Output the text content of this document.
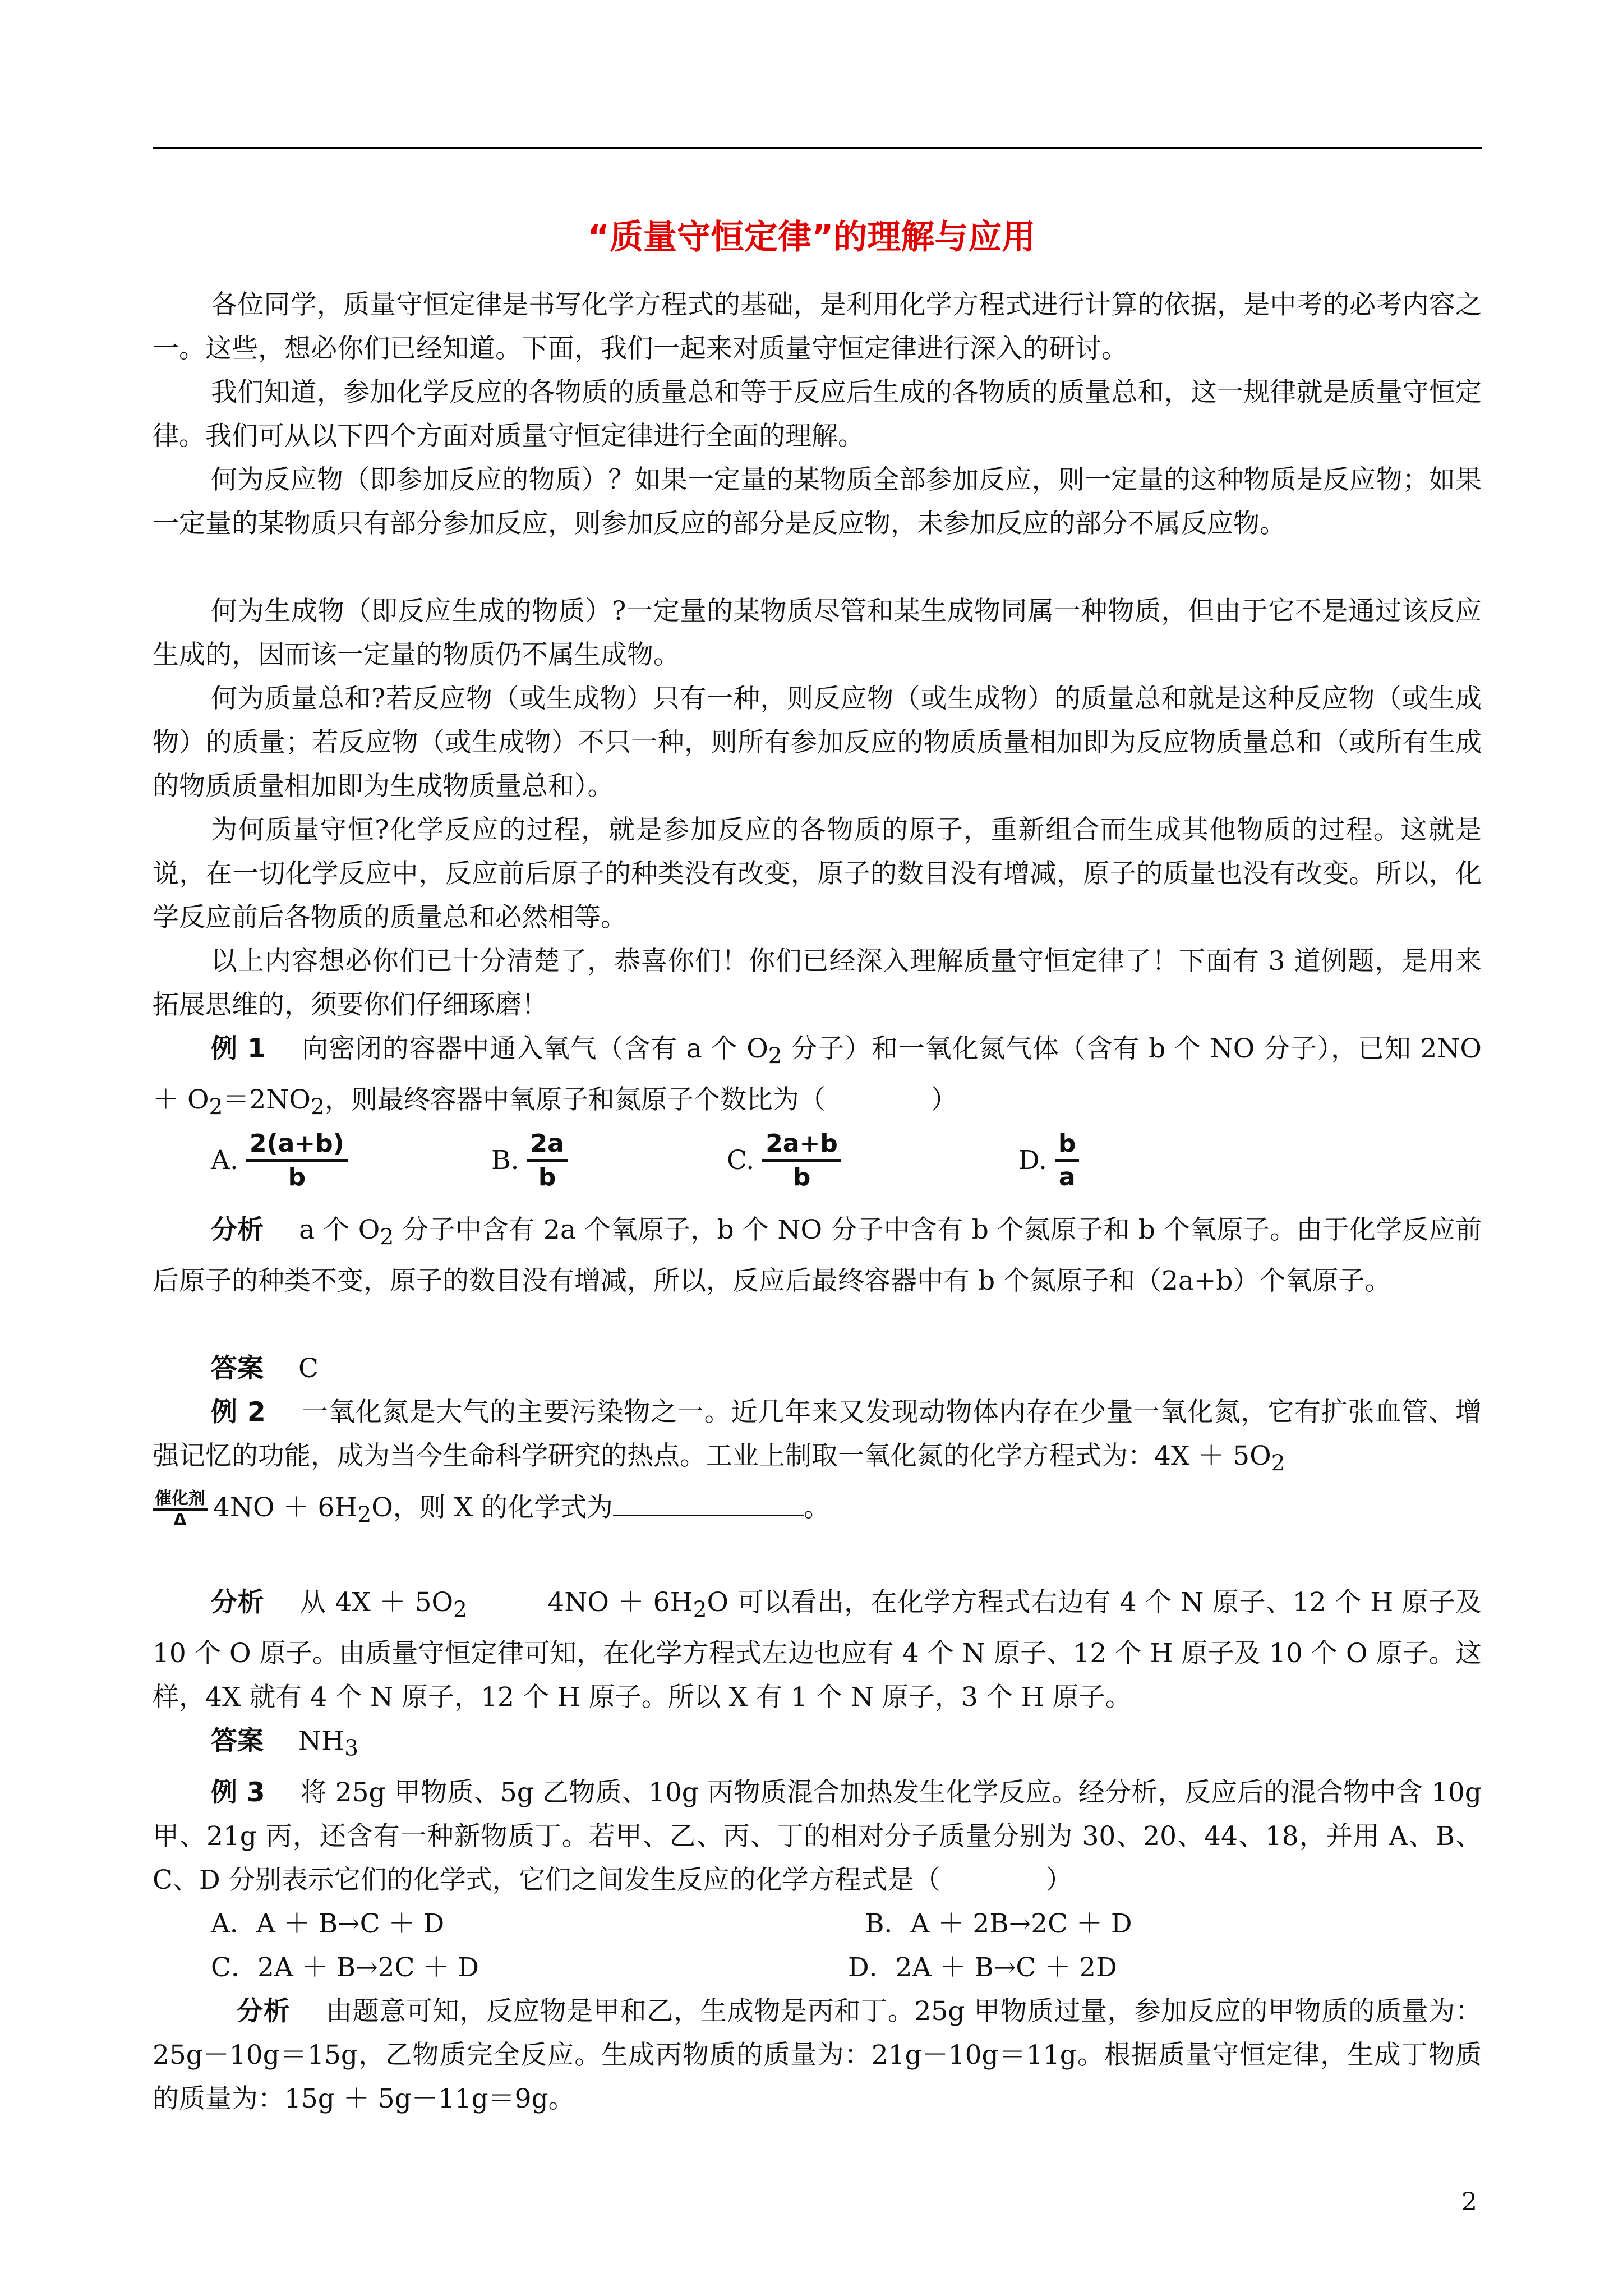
“质量守恒定律”的理解与应用

各位同学，质量守恒定律是书写化学方程式的基础，是利用化学方程式进行计算的依据，是中考的必考内容之一。这些，想必你们已经知道。下面，我们一起来对质量守恒定律进行深入的研讨。

我们知道，参加化学反应的各物质的质量总和等于反应后生成的各物质的质量总和，这一规律就是质量守恒定律。我们可从以下四个方面对质量守恒定律进行全面的理解。

何为反应物（即参加反应的物质）？如果一定量的某物质全部参加反应，则一定量的这种物质是反应物；如果一定量的某物质只有部分参加反应，则参加反应的部分是反应物，未参加反应的部分不属反应物。

何为生成物（即反应生成的物质）?一定量的某物质尽管和某生成物同属一种物质，但由于它不是通过该反应生成的，因而该一定量的物质仍不属生成物。

何为质量总和?若反应物（或生成物）只有一种，则反应物（或生成物）的质量总和就是这种反应物（或生成物）的质量；若反应物（或生成物）不只一种，则所有参加反应的物质质量相加即为反应物质量总和（或所有生成的物质质量相加即为生成物质量总和）。

为何质量守恒?化学反应的过程，就是参加反应的各物质的原子，重新组合而生成其他物质的过程。这就是说，在一切化学反应中，反应前后原子的种类没有改变，原子的数目没有增减，原子的质量也没有改变。所以，化学反应前后各物质的质量总和必然相等。

以上内容想必你们已十分清楚了，恭喜你们！你们已经深入理解质量守恒定律了！下面有 3 道例题，是用来拓展思维的，须要你们仔细琢磨！

例 1　 向密闭的容器中通入氧气（含有 a 个 $O_2$ 分子）和一氧化氮气体（含有 b 个 NO 分子），已知 $2NO + O_2=2NO_2$，则最终容器中氧原子和氮原子个数比为（　　　　）

A. $\frac{2(a+b)}{b}$	B. $\frac{2a}{b}$	C. $\frac{2a+b}{b}$	D. $\frac{b}{a}$

分析　 a 个 $O_2$ 分子中含有 2a 个氧原子，b 个 NO 分子中含有 b 个氮原子和 b 个氧原子。由于化学反应前后原子的种类不变，原子的数目没有增减，所以，反应后最终容器中有 b 个氮原子和（2a+b）个氧原子。

答案　 C

例 2　 一氧化氮是大气的主要污染物之一。近几年来又发现动物体内存在少量一氧化氮，它有扩张血管、增强记忆的功能，成为当今生命科学研究的热点。工业上制取一氧化氮的化学方程式为：$4X + 5O_2$

催化剂
Δ $4NO + 6H_2O$，则 X 的化学式为	。

分析　 从 $4X + 5O_2$　　　$4NO + 6H_2O$ 可以看出，在化学方程式右边有 4 个 N 原子、12 个 H 原子及 10 个 O 原子。由质量守恒定律可知，在化学方程式左边也应有 4 个 N 原子、12 个 H 原子及 10 个 O 原子。这样，4X 就有 4 个 N 原子，12 个 H 原子。所以 X 有 1 个 N 原子，3 个 H 原子。

答案　 $NH_3$

例 3　 将 25g 甲物质、5g 乙物质、10g 丙物质混合加热发生化学反应。经分析，反应后的混合物中含 10g 甲、21g 丙，还含有一种新物质丁。若甲、乙、丙、丁的相对分子质量分别为 30、20、44、18，并用 A、B、C、D 分别表示它们的化学式，它们之间发生反应的化学方程式是（　　　　）

A．A ＋ B→C ＋ D	B．A ＋ 2B→2C ＋ D
C．2A ＋ B→2C ＋ D	D．2A ＋ B→C ＋ 2D

分析　 由题意可知，反应物是甲和乙，生成物是丙和丁。25g 甲物质过量，参加反应的甲物质的质量为：25g－10g＝15g，乙物质完全反应。生成丙物质的质量为：21g－10g＝11g。根据质量守恒定律，生成丁物质的质量为：15g ＋ 5g－11g＝9g。

2
